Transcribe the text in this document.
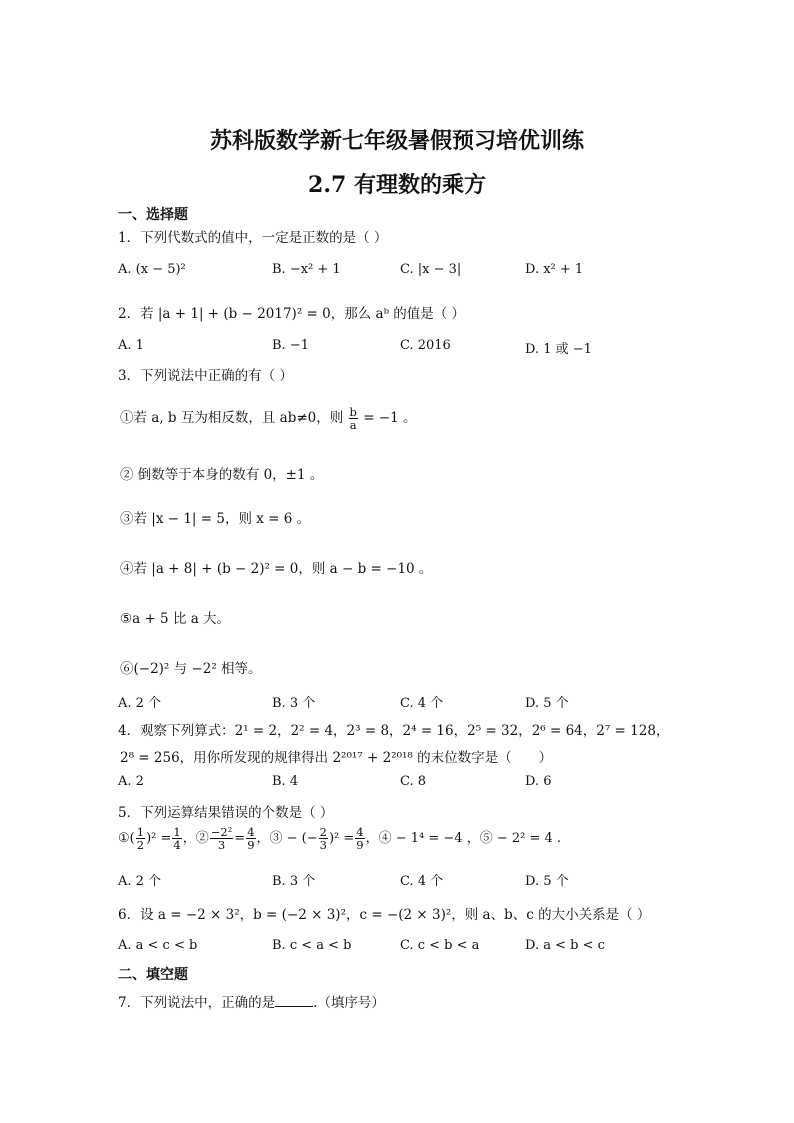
苏科版数学新七年级暑假预习培优训练
2.7 有理数的乘方
一、选择题
1．下列代数式的值中，一定是正数的是（ ）
A. (x − 5)²	B. −x² + 1	C. |x − 3|	D. x² + 1
2．若 |a + 1| + (b − 2017)² = 0，那么 aᵇ 的值是（ ）
A. 1	B. −1	C. 2016	D. 1 或 −1
3．下列说法中正确的有（ ）
①若 a, b 互为相反数，且 ab≠0，则 $\frac{b}{a} = -1$ 。
② 倒数等于本身的数有 0，±1 。
③若 |x − 1| = 5，则 x = 6 。
④若 |a + 8| + (b − 2)² = 0，则 a − b = −10 。
⑤a + 5 比 a 大。
⑥(−2)² 与 −2² 相等。
A. 2 个	B. 3 个	C. 4 个	D. 5 个
4．观察下列算式：2¹ = 2，2² = 4，2³ = 8，2⁴ = 16，2⁵ = 32，2⁶ = 64，2⁷ = 128，
2⁸ = 256，用你所发现的规律得出 2²⁰¹⁷ + 2²⁰¹⁸ 的末位数字是（　　）
A. 2	B. 4	C. 8	D. 6
5．下列运算结果错误的个数是（ ）
①( $\frac{1}{2} )^2 = \frac{1}{4}$ ，② $\frac{\text{−2²}}{3} = \frac{4}{9}$ ，③ − (− $\frac{2}{3} )^2 = \frac{4}{9}$ ，④ − 1⁴ = −4 ，⑤ − 2² = 4 .
A. 2 个	B. 3 个	C. 4 个	D. 5 个
6．设 a = −2 × 3²，b = (−2 × 3)²，c = −(2 × 3)²，则 a、b、c 的大小关系是（ ）
A. a < c < b	B. c < a < b	C. c < b < a	D. a < b < c
二、填空题
7．下列说法中，正确的是	.（填序号）
